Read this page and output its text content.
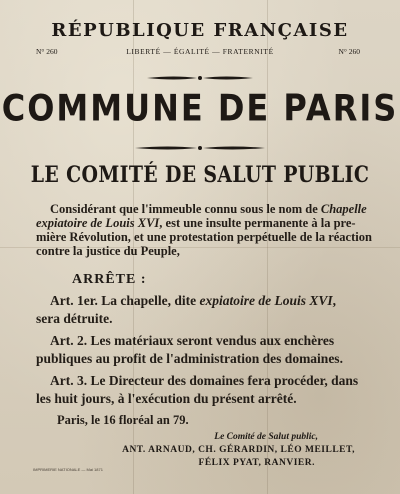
RÉPUBLIQUE FRANÇAISE
N° 260	LIBERTÉ — ÉGALITÉ — FRATERNITÉ	N° 260
COMMUNE DE PARIS
LE COMITÉ DE SALUT PUBLIC
Considérant que l'immeuble connu sous le nom de Chapelle
expiatoire de Louis XVI, est une insulte permanente à la pre-
mière Révolution, et une protestation perpétuelle de la réaction
contre la justice du Peuple,
ARRÊTE :
Art. 1er. La chapelle, dite expiatoire de Louis XVI,
sera détruite.
Art. 2. Les matériaux seront vendus aux enchères
publiques au profit de l'administration des domaines.
Art. 3. Le Directeur des domaines fera procéder, dans
les huit jours, à l'exécution du présent arrêté.
Paris, le 16 floréal an 79.
Le Comité de Salut public,
ANT. ARNAUD, CH. GÉRARDIN, LÉO MEILLET,
FÉLIX PYAT, RANVIER.
IMPRIMERIE NATIONALE — Mai 1871
